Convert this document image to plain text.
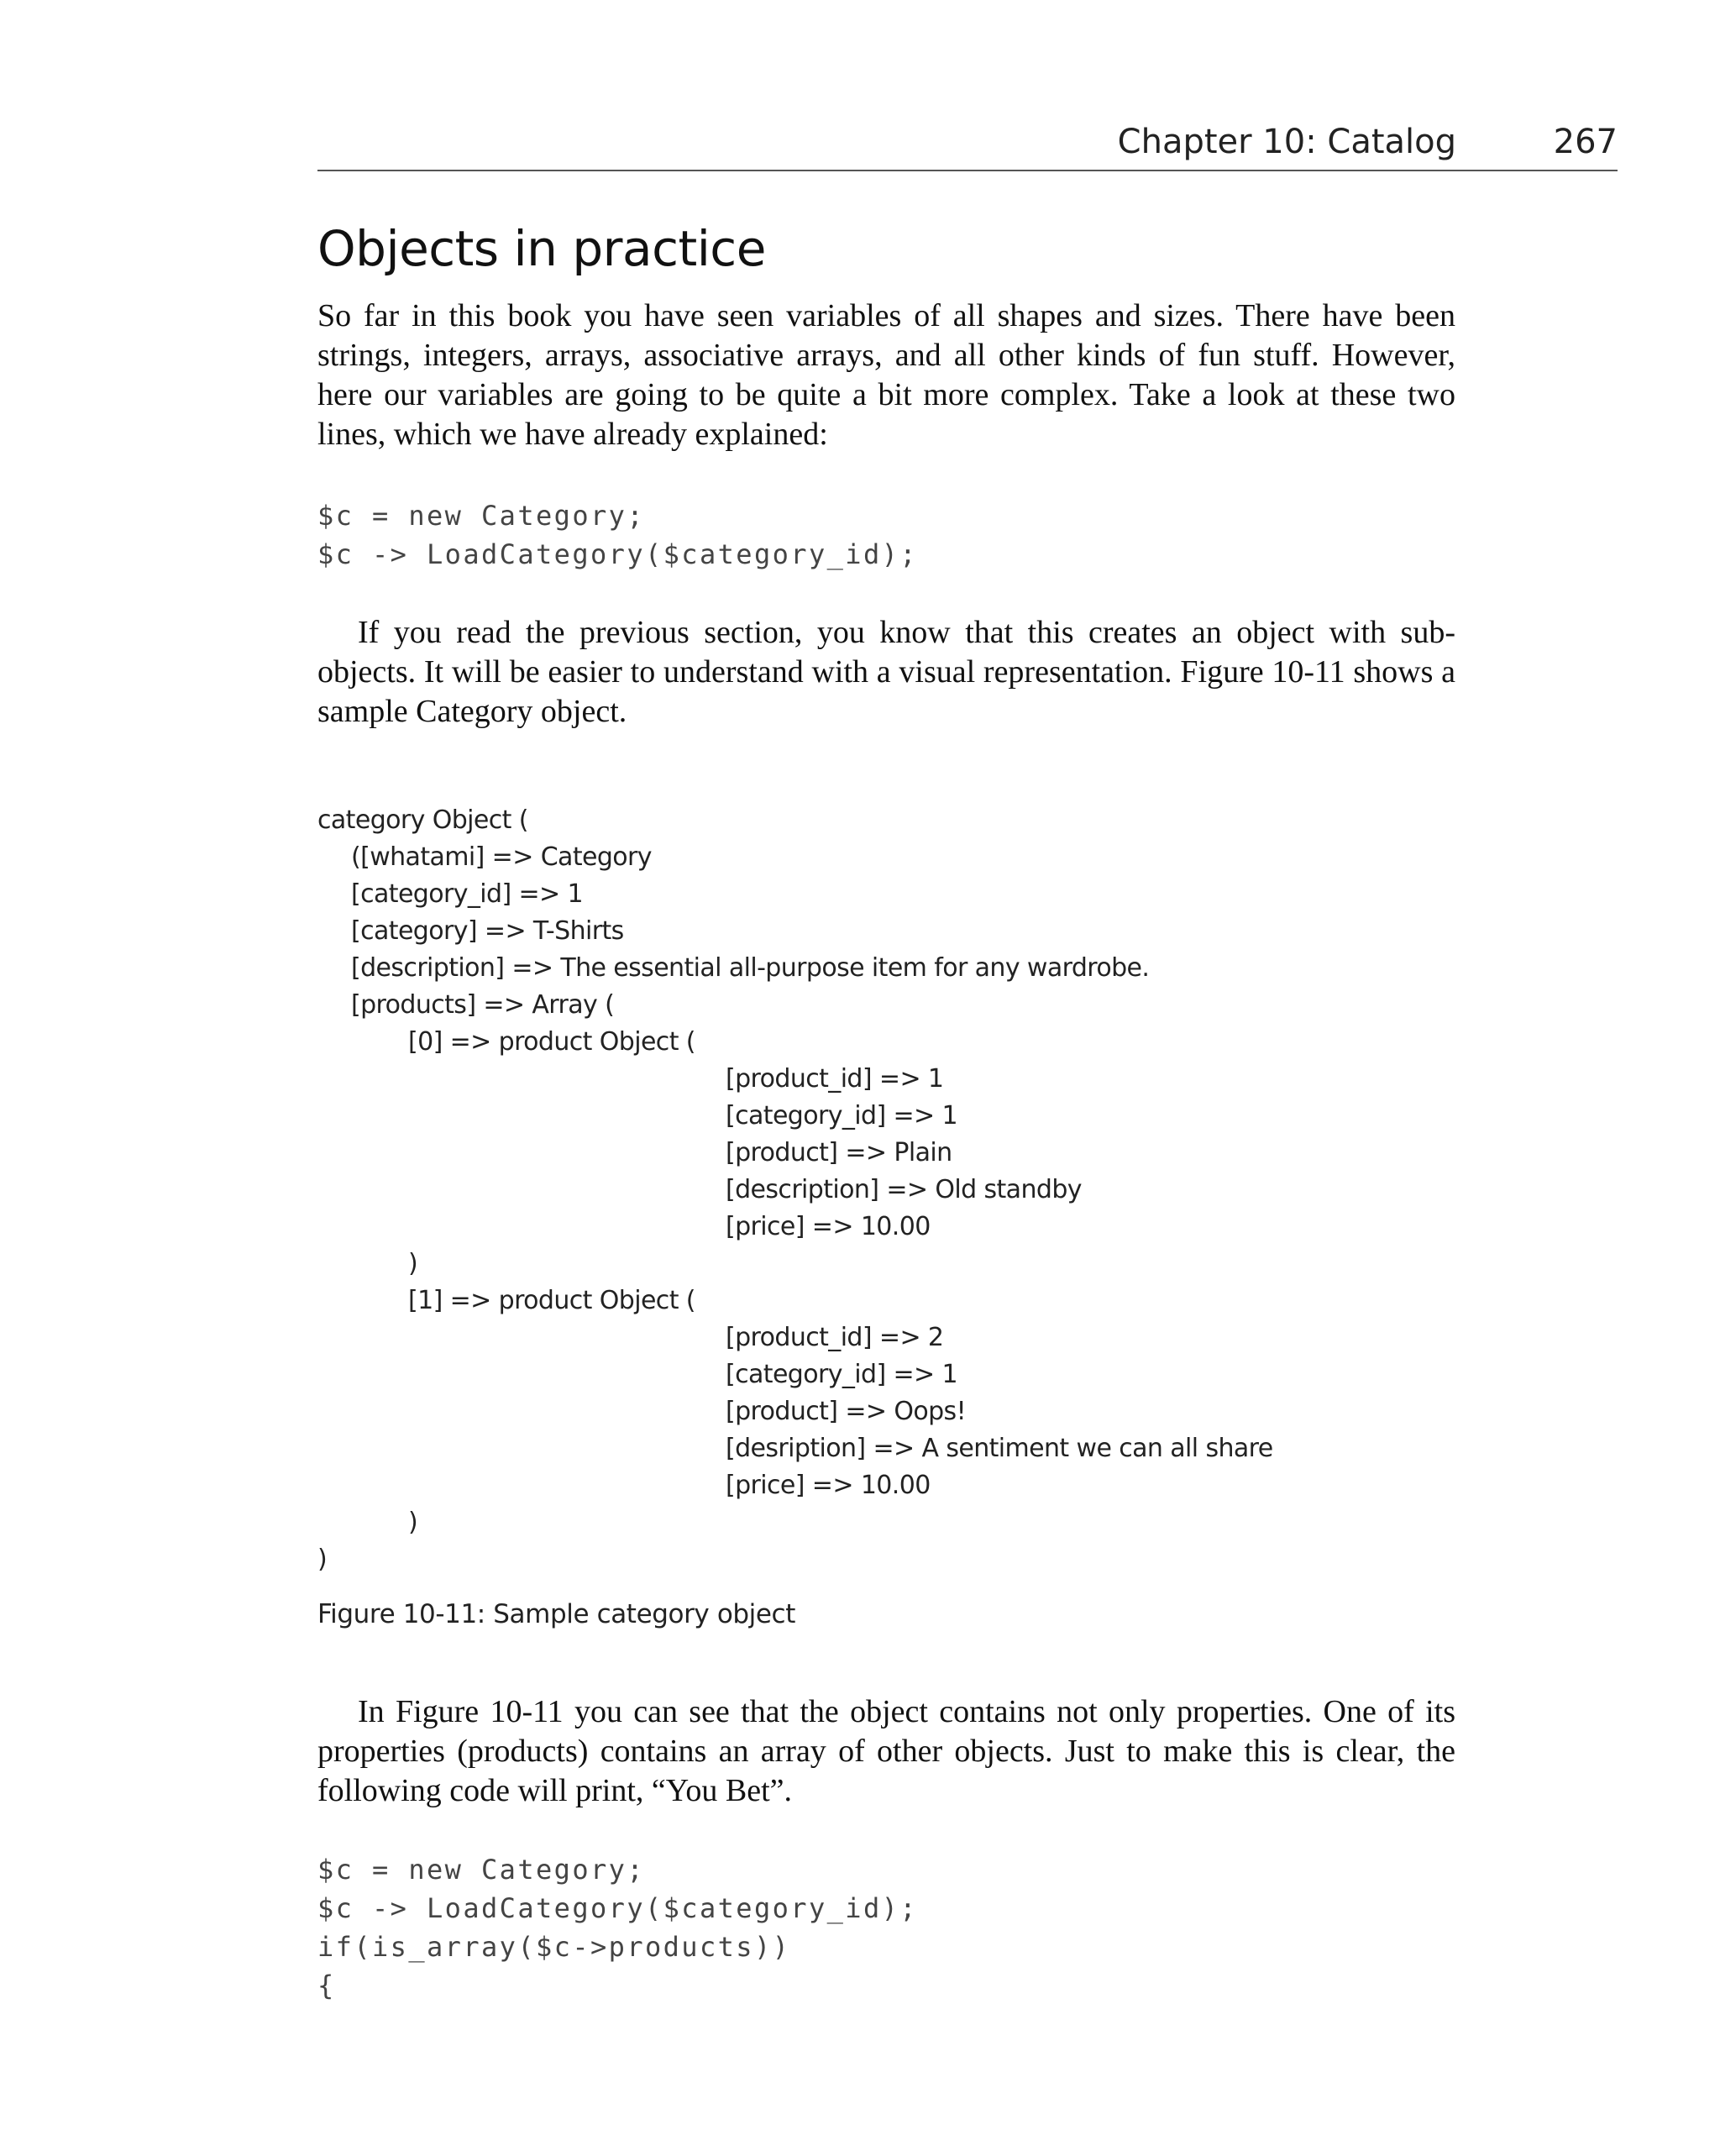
Chapter 10: Catalog	267
Objects in practice

So far in this book you have seen variables of all shapes and sizes. There have been strings, integers, arrays, associative arrays, and all other kinds of fun stuff. However, here our variables are going to be quite a bit more complex. Take a look at these two lines, which we have already explained:

$c = new Category;
$c -> LoadCategory($category_id);

If you read the previous section, you know that this creates an object with sub-objects. It will be easier to understand with a visual representation. Figure 10-11 shows a sample Category object.

category Object (
([whatami] => Category
[category_id] => 1
[category] => T-Shirts
[description] => The essential all-purpose item for any wardrobe.
[products] => Array (
[0] => product Object (
[product_id] => 1
[category_id] => 1
[product] => Plain
[description] => Old standby
[price] => 10.00
)
[1] => product Object (
[product_id] => 2
[category_id] => 1
[product] => Oops!
[desription] => A sentiment we can all share
[price] => 10.00
)
)
Figure 10-11: Sample category object

In Figure 10-11 you can see that the object contains not only properties. One of its properties (products) contains an array of other objects. Just to make this is clear, the following code will print, “You Bet”.

$c = new Category;
$c -> LoadCategory($category_id);
if(is_array($c->products))
{
